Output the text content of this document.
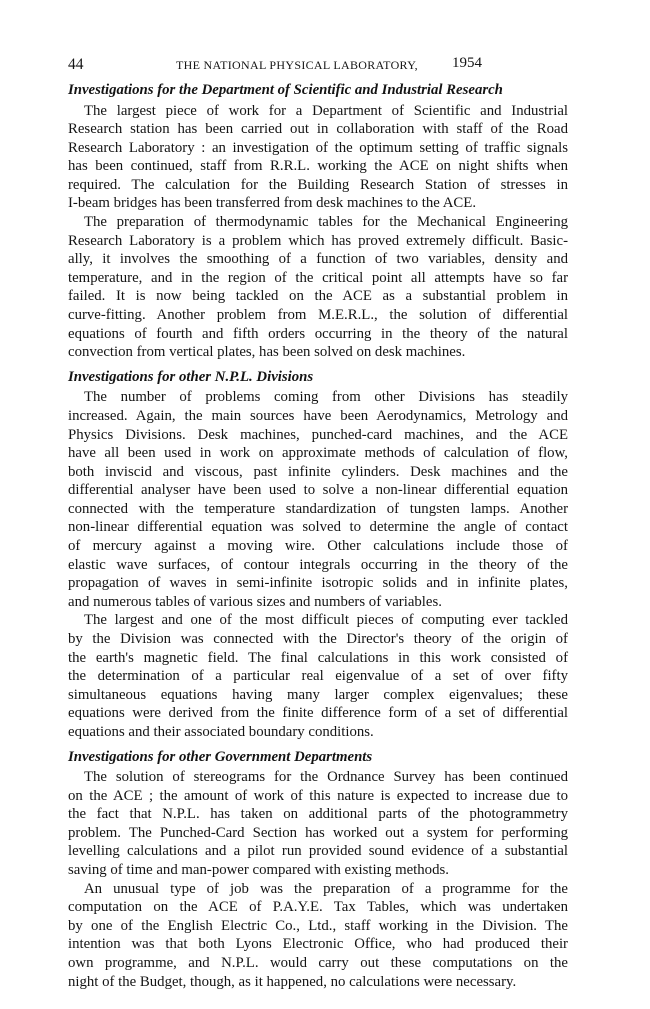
44	THE NATIONAL PHYSICAL LABORATORY, 1954
Investigations for the Department of Scientific and Industrial Research

The largest piece of work for a Department of Scientific and Industrial
Research station has been carried out in collaboration with staff of the Road
Research Laboratory : an investigation of the optimum setting of traffic signals
has been continued, staff from R.R.L. working the ACE on night shifts when
required. The calculation for the Building Research Station of stresses in
I-beam bridges has been transferred from desk machines to the ACE.

The preparation of thermodynamic tables for the Mechanical Engineering
Research Laboratory is a problem which has proved extremely difficult. Basic-
ally, it involves the smoothing of a function of two variables, density and
temperature, and in the region of the critical point all attempts have so far
failed. It is now being tackled on the ACE as a substantial problem in
curve-fitting. Another problem from M.E.R.L., the solution of differential
equations of fourth and fifth orders occurring in the theory of the natural
convection from vertical plates, has been solved on desk machines.

Investigations for other N.P.L. Divisions

The number of problems coming from other Divisions has steadily
increased. Again, the main sources have been Aerodynamics, Metrology and
Physics Divisions. Desk machines, punched-card machines, and the ACE
have all been used in work on approximate methods of calculation of flow,
both inviscid and viscous, past infinite cylinders. Desk machines and the
differential analyser have been used to solve a non-linear differential equation
connected with the temperature standardization of tungsten lamps. Another
non-linear differential equation was solved to determine the angle of contact
of mercury against a moving wire. Other calculations include those of
elastic wave surfaces, of contour integrals occurring in the theory of the
propagation of waves in semi-infinite isotropic solids and in infinite plates,
and numerous tables of various sizes and numbers of variables.

The largest and one of the most difficult pieces of computing ever tackled
by the Division was connected with the Director's theory of the origin of
the earth's magnetic field. The final calculations in this work consisted of
the determination of a particular real eigenvalue of a set of over fifty
simultaneous equations having many larger complex eigenvalues; these
equations were derived from the finite difference form of a set of differential
equations and their associated boundary conditions.

Investigations for other Government Departments

The solution of stereograms for the Ordnance Survey has been continued
on the ACE ; the amount of work of this nature is expected to increase due to
the fact that N.P.L. has taken on additional parts of the photogrammetry
problem. The Punched-Card Section has worked out a system for performing
levelling calculations and a pilot run provided sound evidence of a substantial
saving of time and man-power compared with existing methods.

An unusual type of job was the preparation of a programme for the
computation on the ACE of P.A.Y.E. Tax Tables, which was undertaken
by one of the English Electric Co., Ltd., staff working in the Division. The
intention was that both Lyons Electronic Office, who had produced their
own programme, and N.P.L. would carry out these computations on the
night of the Budget, though, as it happened, no calculations were necessary.
